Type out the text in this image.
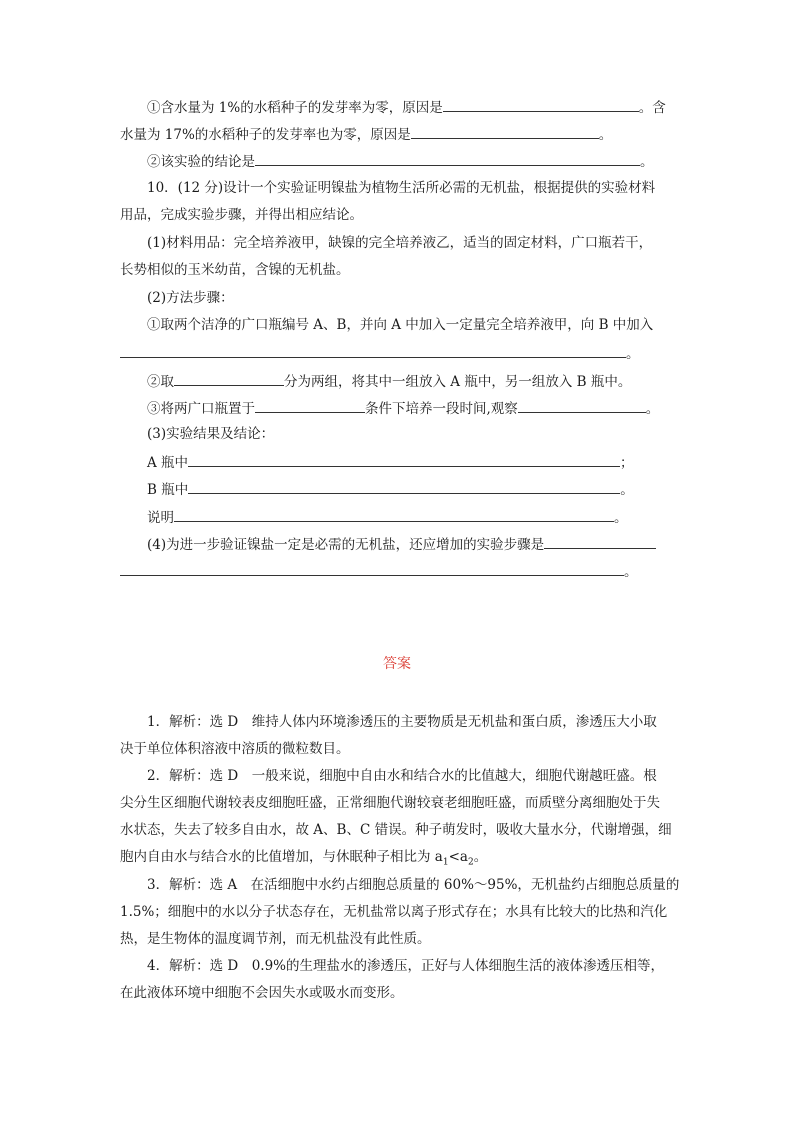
①含水量为 1%的水稻种子的发芽率为零，原因是	。含
水量为 17%的水稻种子的发芽率也为零，原因是	。
②该实验的结论是	。
10．(12 分)设计一个实验证明镍盐为植物生活所必需的无机盐，根据提供的实验材料
用品，完成实验步骤，并得出相应结论。
(1)材料用品：完全培养液甲，缺镍的完全培养液乙，适当的固定材料，广口瓶若干，
长势相似的玉米幼苗，含镍的无机盐。
(2)方法步骤：
①取两个洁净的广口瓶编号 A、B，并向 A 中加入一定量完全培养液甲，向 B 中加入
。
②取	分为两组，将其中一组放入 A 瓶中，另一组放入 B 瓶中。
③将两广口瓶置于	条件下培养一段时间,观察	。
(3)实验结果及结论：
A 瓶中	；
B 瓶中	。
说明	。
(4)为进一步验证镍盐一定是必需的无机盐，还应增加的实验步骤是
。
答案
1．解析：选 D　维持人体内环境渗透压的主要物质是无机盐和蛋白质，渗透压大小取
决于单位体积溶液中溶质的微粒数目。
2．解析：选 D　一般来说，细胞中自由水和结合水的比值越大，细胞代谢越旺盛。根
尖分生区细胞代谢较表皮细胞旺盛，正常细胞代谢较衰老细胞旺盛，而质壁分离细胞处于失
水状态，失去了较多自由水，故 A、B、C 错误。种子萌发时，吸收大量水分，代谢增强，细
胞内自由水与结合水的比值增加，与休眠种子相比为 $a_1<a_2$。
3．解析：选 A　在活细胞中水约占细胞总质量的 60%～95%，无机盐约占细胞总质量的
1.5%；细胞中的水以分子状态存在，无机盐常以离子形式存在；水具有比较大的比热和汽化
热，是生物体的温度调节剂，而无机盐没有此性质。
4．解析：选 D　0.9%的生理盐水的渗透压，正好与人体细胞生活的液体渗透压相等，
在此液体环境中细胞不会因失水或吸水而变形。
